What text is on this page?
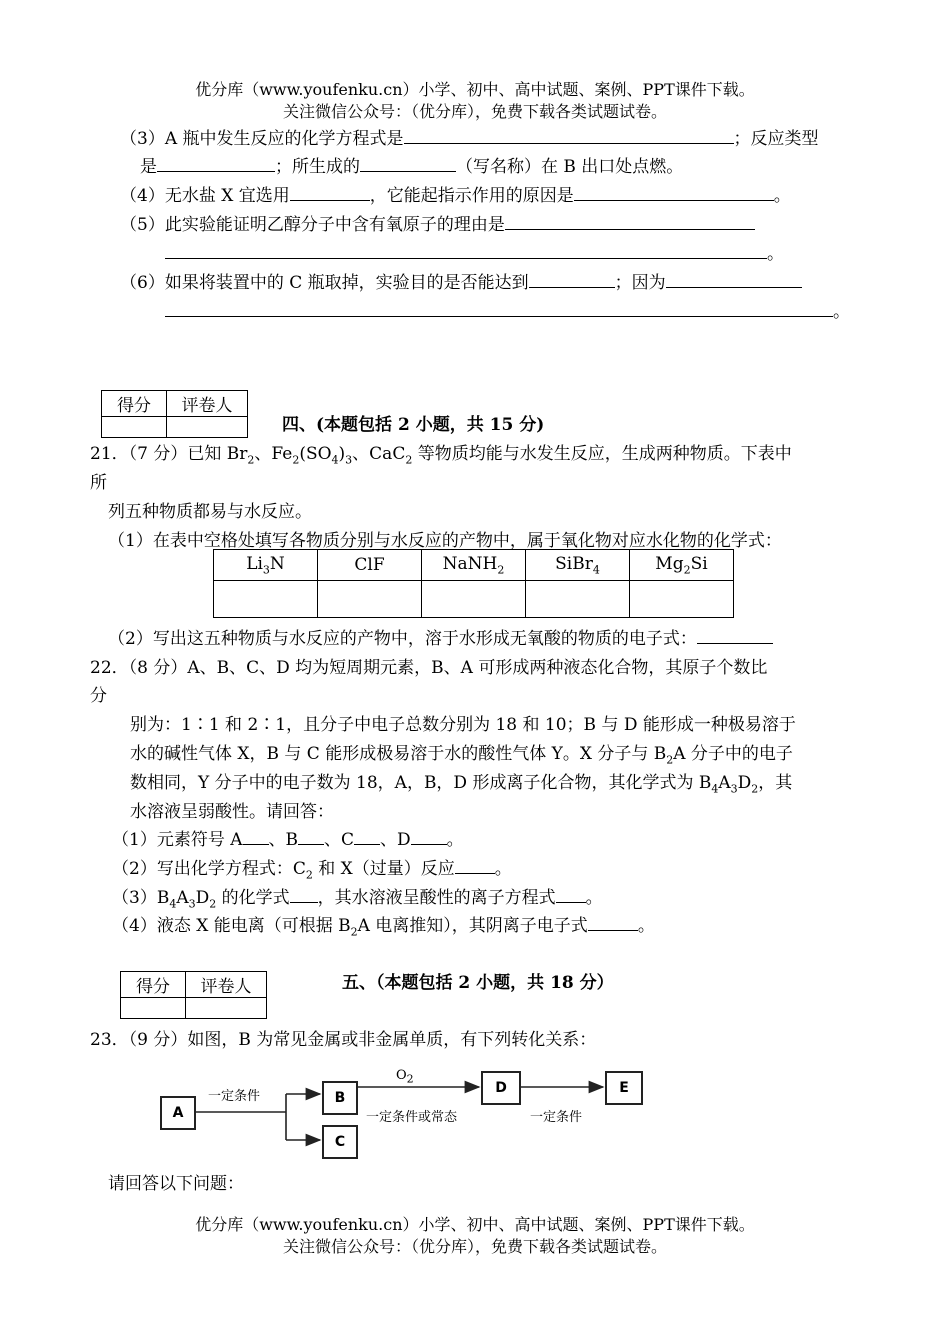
优分库（www.youfenku.cn）小学、初中、高中试题、案例、PPT课件下载。
关注微信公众号：（优分库），免费下载各类试题试卷。
（3）A 瓶中发生反应的化学方程式是	；反应类型
是	；所生成的	（写名称）在 B 出口处点燃。
（4）无水盐 X 宜选用	，它能起指示作用的原因是	。
（5）此实验能证明乙醇分子中含有氧原子的理由是
。
（6）如果将装置中的 C 瓶取掉，实验目的是否能达到	；因为
。
得分	评卷人

四、(本题包括 2 小题，共 15 分)
21．（7 分）已知 $Br_2$、$Fe_2(SO_4)_3$、CaC$_2$ 等物质均能与水发生反应，生成两种物质。下表中
所
列五种物质都易与水反应。
（1）在表中空格处填写各物质分别与水反应的产物中，属于氧化物对应水化物的化学式：
$Li_3N$	ClF	NaNH$_2$	SiBr$_4$	$Mg_2Si$

（2）写出这五种物质与水反应的产物中，溶于水形成无氧酸的物质的电子式：
22．（8 分）A、B、C、D 均为短周期元素，B、A 可形成两种液态化合物，其原子个数比
分
别为：1∶1 和 2∶1，且分子中电子总数分别为 18 和 10；B 与 D 能形成一种极易溶于
水的碱性气体 X，B 与 C 能形成极易溶于水的酸性气体 Y。X 分子与 $B_2A$ 分子中的电子
数相同，Y 分子中的电子数为 18，A，B，D 形成离子化合物，其化学式为 $B_4A_3D_2$，其
水溶液呈弱酸性。请回答：
（1）元素符号 A 、B 、C 、D 。
（2）写出化学方程式：$C_2$ 和 X（过量）反应 。
$(3)B_4A_3D_2$ 的化学式 ，其水溶液呈酸性的离子方程式 。
（4）液态 X 能电离（可根据 $B_2A$ 电离推知），其阴离子电子式	。
得分	评卷人
		五、（本题包括 2 小题，共 18 分）
23．（9 分）如图，B 为常见金属或非金属单质，有下列转化关系：
A
B
C
D	E
一定条件
$O_2$
一定条件或常态	一定条件
请回答以下问题：
优分库（www.youfenku.cn）小学、初中、高中试题、案例、PPT课件下载。
关注微信公众号：（优分库），免费下载各类试题试卷。
